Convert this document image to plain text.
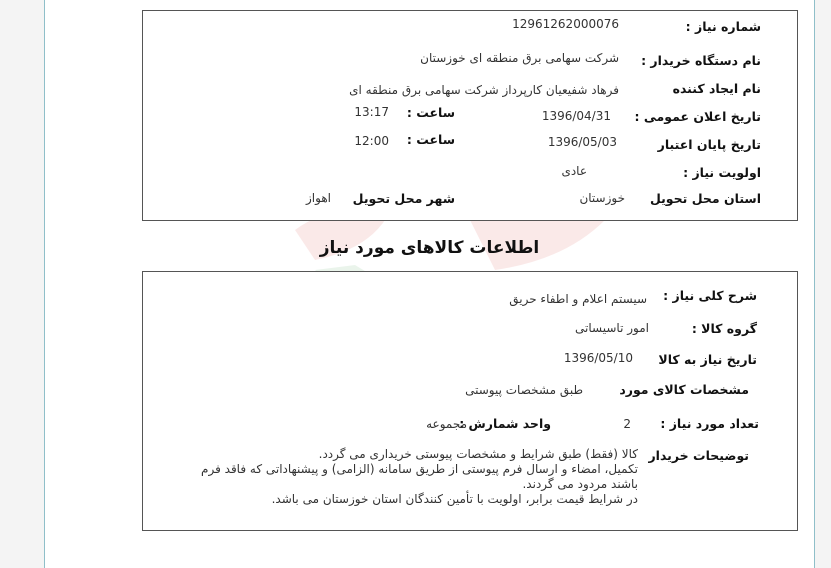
شماره نیاز :
12961262000076
نام دستگاه خریدار :
شرکت سهامی برق منطقه ای خوزستان
نام ایجاد کننده
فرهاد شفیعیان کارپرداز شرکت سهامی برق منطقه ای
تاریخ اعلان عمومی :
1396/04/31
ساعت :
13:17
تاریخ پایان اعتبار
1396/05/03
ساعت :
12:00
اولویت نیاز :
عادی
استان محل تحویل
خوزستان
شهر محل تحویل
اهواز
اطلاعات کالاهای مورد نیاز
شرح کلی نیاز :
سیستم اعلام و اطفاء حریق
گروه کالا :
امور تاسیساتی
تاریخ نیاز به کالا
1396/05/10
مشخصات کالای مورد
طبق مشخصات پیوستی
تعداد مورد نیاز :
2
واحد شمارش :
مجموعه
توضیحات خریدار
کالا (فقط) طبق شرایط و مشخصات پیوستی خریداری می گردد.
تکمیل، امضاء و ارسال فرم پیوستی از طریق سامانه (الزامی) و پیشنهاداتی که فاقد فرم باشند مردود می گردند.
در شرایط قیمت برابر، اولویت با تأمین کنندگان استان خوزستان می باشد.
